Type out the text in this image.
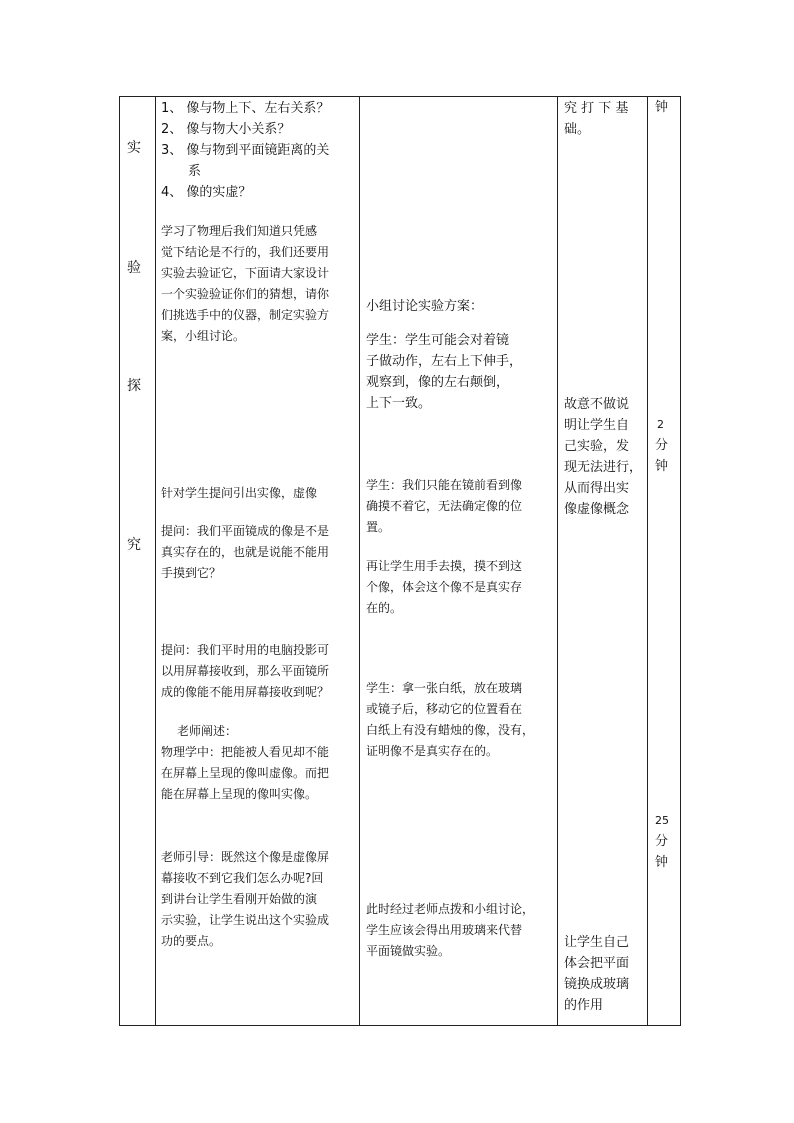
实
验
探
究
1、 像与物上下、左右关系？
2、 像与物大小关系？
3、 像与物到平面镜距离的关
系
4、 像的实虚？
学习了物理后我们知道只凭感
觉下结论是不行的，我们还要用
实验去验证它，下面请大家设计
一个实验验证你们的猜想，请你
们挑选手中的仪器，制定实验方
案，小组讨论。
针对学生提问引出实像，虚像
提问：我们平面镜成的像是不是
真实存在的，也就是说能不能用
手摸到它？
提问：我们平时用的电脑投影可
以用屏幕接收到，那么平面镜所
成的像能不能用屏幕接收到呢？
老师阐述：
物理学中：把能被人看见却不能
在屏幕上呈现的像叫虚像。而把
能在屏幕上呈现的像叫实像。
老师引导：既然这个像是虚像屏
幕接收不到它我们怎么办呢?回
到讲台让学生看刚开始做的演
示实验，让学生说出这个实验成
功的要点。
小组讨论实验方案：
学生：学生可能会对着镜
子做动作，左右上下伸手，
观察到，像的左右颠倒，
上下一致。
学生：我们只能在镜前看到像
确摸不着它，无法确定像的位
置。
再让学生用手去摸，摸不到这
个像，体会这个像不是真实存
在的。
学生：拿一张白纸，放在玻璃
或镜子后，移动它的位置看在
白纸上有没有蜡烛的像，没有，
证明像不是真实存在的。
此时经过老师点拨和小组讨论，
学生应该会得出用玻璃来代替
平面镜做实验。
究 打 下 基
础。
故意不做说
明让学生自
己实验，发
现无法进行，
从而得出实
像虚像概念
让学生自己
体会把平面
镜换成玻璃
的作用
钟
2
分
钟
25
分
钟
